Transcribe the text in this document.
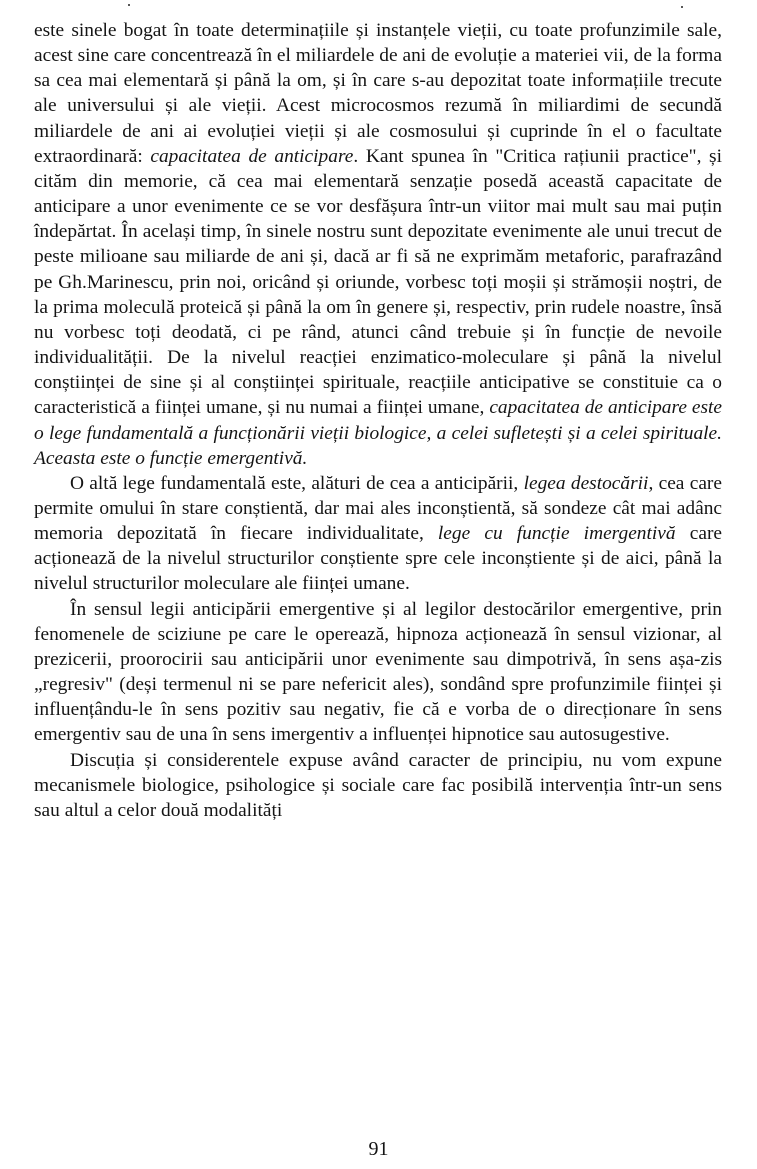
este sinele bogat în toate determinațiile și instanțele vieții, cu toate profunzimile sale, acest sine care concentrează în el miliardele de ani de evoluție a materiei vii, de la forma sa cea mai elementară și până la om, și în care s-au depozitat toate informațiile trecute ale universului și ale vieții. Acest microcosmos rezumă în miliardimi de secundă miliardele de ani ai evoluției vieții și ale cosmosului și cuprinde în el o facultate extraordinară: capacitatea de anticipare. Kant spunea în "Critica rațiunii practice", și cităm din memorie, că cea mai elementară senzație posedă această capacitate de anticipare a unor evenimente ce se vor desfășura într-un viitor mai mult sau mai puțin îndepărtat. În același timp, în sinele nostru sunt depozitate evenimente ale unui trecut de peste milioane sau miliarde de ani și, dacă ar fi să ne exprimăm metaforic, parafrazând pe Gh.Marinescu, prin noi, oricând și oriunde, vorbesc toți moșii și strămoșii noștri, de la prima moleculă proteică și până la om în genere și, respectiv, prin rudele noastre, însă nu vorbesc toți deodată, ci pe rând, atunci când trebuie și în funcție de nevoile individualității. De la nivelul reacției enzimatico-moleculare și până la nivelul conștiinței de sine și al conștiinței spirituale, reacțiile anticipative se constituie ca o caracteristică a ființei umane, și nu numai a ființei umane, capacitatea de anticipare este o lege fundamentală a funcționării vieții biologice, a celei sufletești și a celei spirituale. Aceasta este o funcție emergentivă.

O altă lege fundamentală este, alături de cea a anticipării, legea destocării, cea care permite omului în stare conștientă, dar mai ales inconștientă, să sondeze cât mai adânc memoria depozitată în fiecare individualitate, lege cu funcție imergentivă care acționează de la nivelul structurilor conștiente spre cele inconștiente și de aici, până la nivelul structurilor moleculare ale ființei umane.

În sensul legii anticipării emergentive și al legilor destocărilor emergentive, prin fenomenele de sciziune pe care le operează, hipnoza acționează în sensul vizionar, al prezicerii, proorocirii sau anticipării unor evenimente sau dimpotrivă, în sens așa-zis „regresiv" (deși termenul ni se pare nefericit ales), sondând spre profunzimile ființei și influențându-le în sens pozitiv sau negativ, fie că e vorba de o direcționare în sens emergentiv sau de una în sens imergentiv a influenței hipnotice sau autosugestive.

Discuția și considerentele expuse având caracter de principiu, nu vom expune mecanismele biologice, psihologice și sociale care fac posibilă intervenția într-un sens sau altul a celor două modalități

91
